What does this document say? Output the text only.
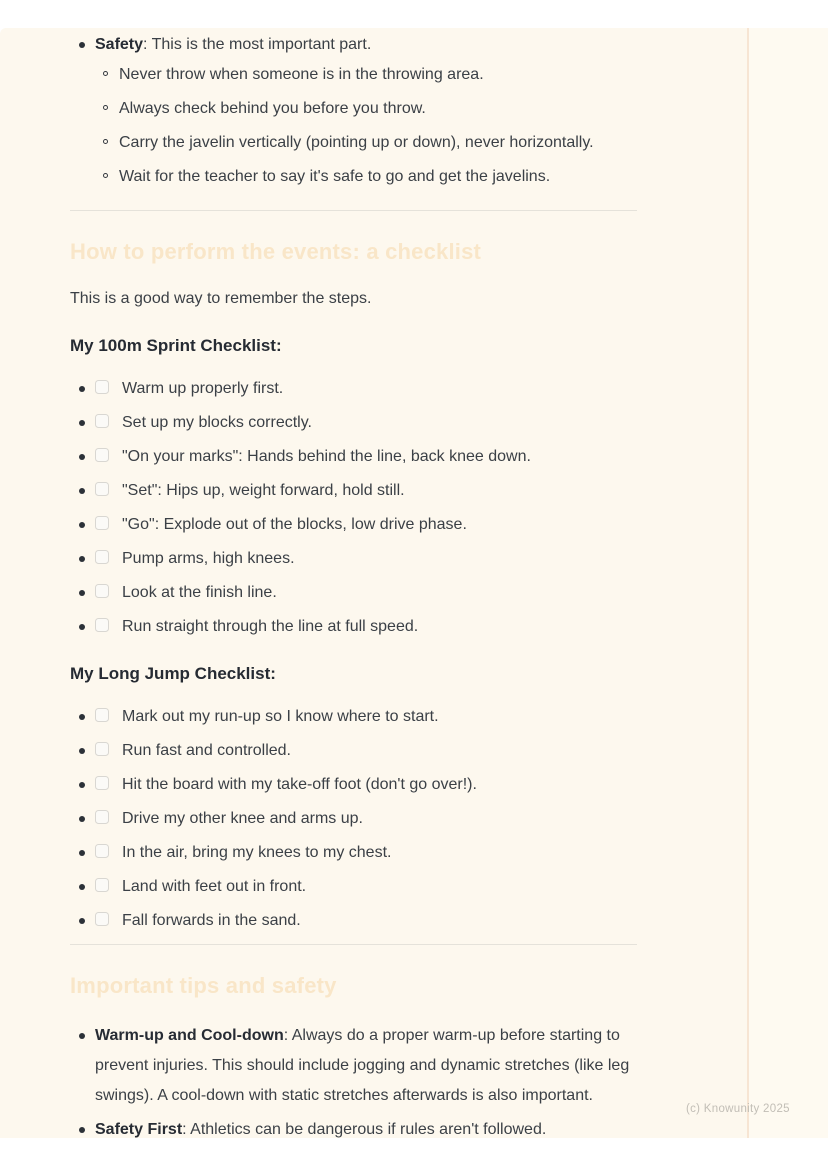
Safety: This is the most important part.
Never throw when someone is in the throwing area.
Always check behind you before you throw.
Carry the javelin vertically (pointing up or down), never horizontally.
Wait for the teacher to say it's safe to go and get the javelins.
How to perform the events: a checklist

This is a good way to remember the steps.

My 100m Sprint Checklist:
Warm up properly first.
Set up my blocks correctly.
"On your marks": Hands behind the line, back knee down.
"Set": Hips up, weight forward, hold still.
"Go": Explode out of the blocks, low drive phase.
Pump arms, high knees.
Look at the finish line.
Run straight through the line at full speed.
My Long Jump Checklist:
Mark out my run-up so I know where to start.
Run fast and controlled.
Hit the board with my take-off foot (don't go over!).
Drive my other knee and arms up.
In the air, bring my knees to my chest.
Land with feet out in front.
Fall forwards in the sand.
Important tips and safety
Warm-up and Cool-down: Always do a proper warm-up before starting to prevent injuries. This should include jogging and dynamic stretches (like leg swings). A cool-down with static stretches afterwards is also important.
Safety First: Athletics can be dangerous if rules aren't followed.
(c) Knowunity 2025
